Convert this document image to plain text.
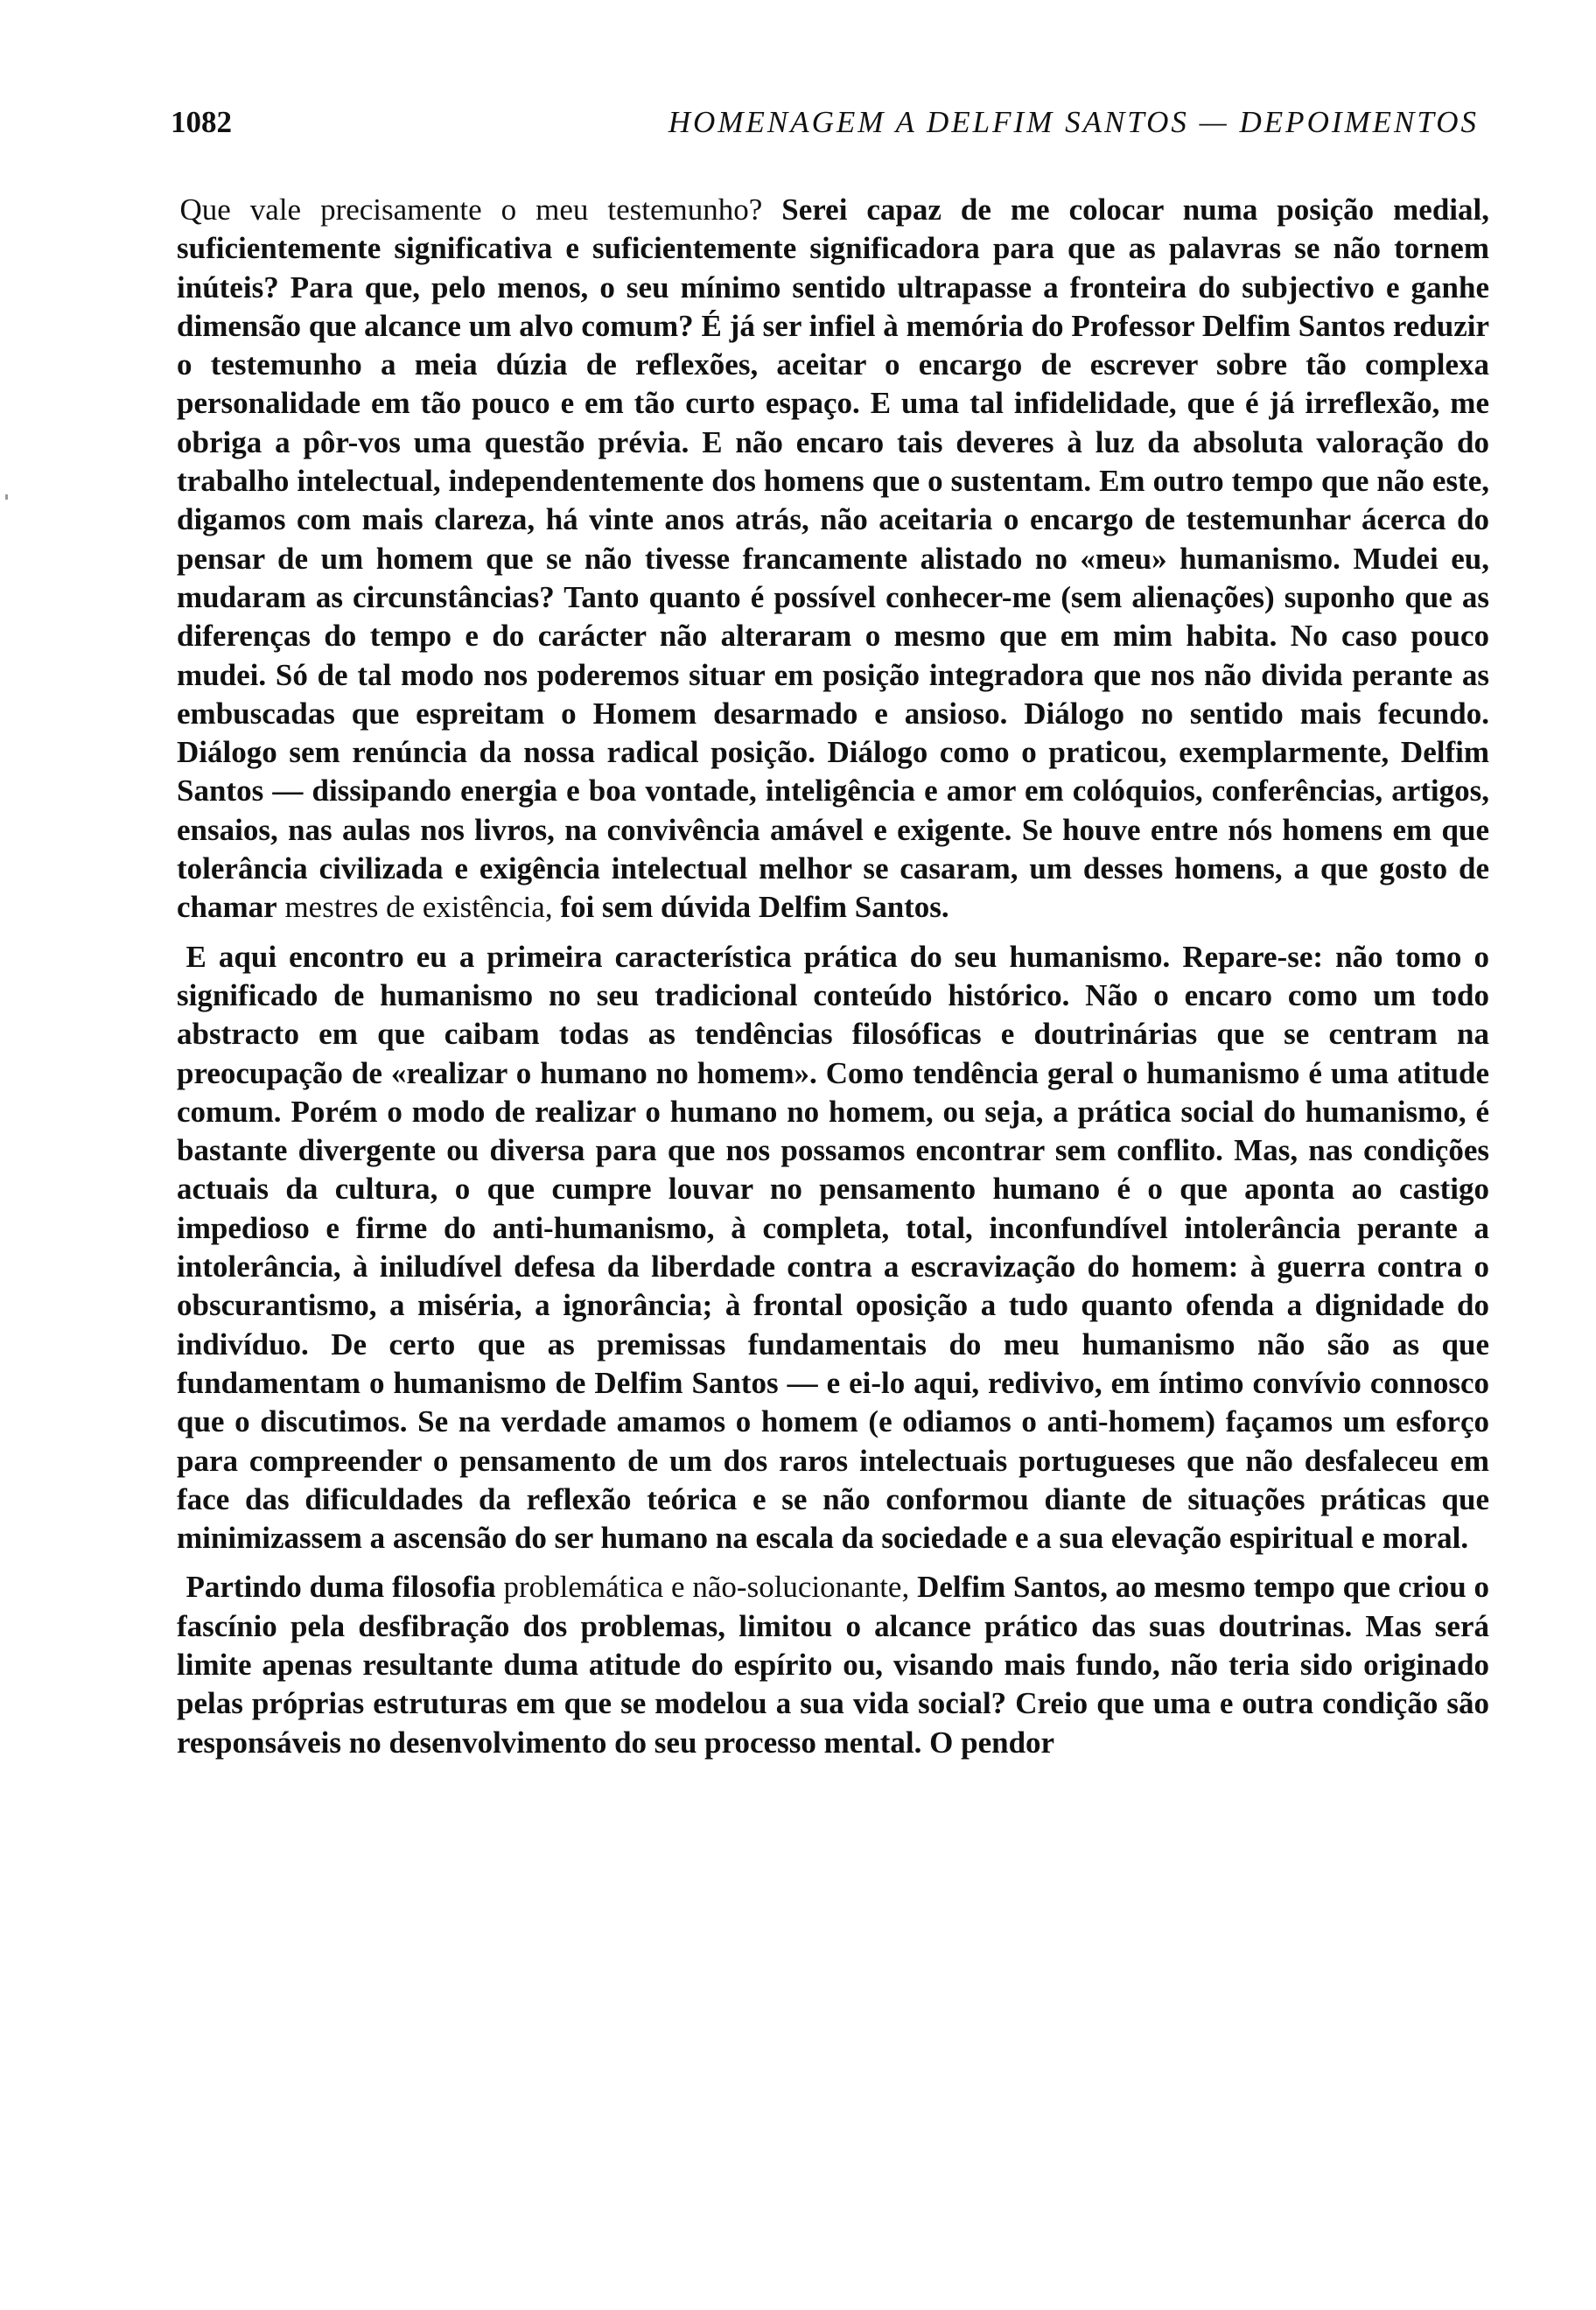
1082	HOMENAGEM A DELFIM SANTOS — DEPOIMENTOS

Que vale precisamente o meu testemunho? Serei capaz de me colocar numa posição medial, suficientemente significativa e suficientemente significadora para que as palavras se não tornem inúteis? Para que, pelo menos, o seu mínimo sentido ultrapasse a fronteira do subjectivo e ganhe dimensão que alcance um alvo comum? É já ser infiel à memória do Professor Delfim Santos reduzir o testemunho a meia dúzia de reflexões, aceitar o encargo de escrever sobre tão complexa personalidade em tão pouco e em tão curto espaço. E uma tal infidelidade, que é já irreflexão, me obriga a pôr-vos uma questão prévia. E não encaro tais deveres à luz da absoluta valoração do trabalho intelectual, independentemente dos homens que o sustentam. Em outro tempo que não este, digamos com mais clareza, há vinte anos atrás, não aceitaria o encargo de testemunhar ácerca do pensar de um homem que se não tivesse francamente alistado no «meu» humanismo. Mudei eu, mudaram as circunstâncias? Tanto quanto é possível conhecer-me (sem alienações) suponho que as diferenças do tempo e do carácter não alteraram o mesmo que em mim habita. No caso pouco mudei. Só de tal modo nos poderemos situar em posição integradora que nos não divida perante as embuscadas que espreitam o Homem desarmado e ansioso. Diálogo no sentido mais fecundo. Diálogo sem renúncia da nossa radical posição. Diálogo como o praticou, exemplarmente, Delfim Santos — dissipando energia e boa vontade, inteligência e amor em colóquios, conferências, artigos, ensaios, nas aulas nos livros, na convivência amável e exigente. Se houve entre nós homens em que tolerância civilizada e exigência intelectual melhor se casaram, um desses homens, a que gosto de chamar mestres de existência, foi sem dúvida Delfim Santos.

E aqui encontro eu a primeira característica prática do seu humanismo. Repare-se: não tomo o significado de humanismo no seu tradicional conteúdo histórico. Não o encaro como um todo abstracto em que caibam todas as tendências filosóficas e doutrinárias que se centram na preocupação de «realizar o humano no homem». Como tendência geral o humanismo é uma atitude comum. Porém o modo de realizar o humano no homem, ou seja, a prática social do humanismo, é bastante divergente ou diversa para que nos possamos encontrar sem conflito. Mas, nas condições actuais da cultura, o que cumpre louvar no pensamento humano é o que aponta ao castigo impedioso e firme do anti-humanismo, à completa, total, inconfundível intolerância perante a intolerância, à iniludível defesa da liberdade contra a escravização do homem: à guerra contra o obscurantismo, a miséria, a ignorância; à frontal oposição a tudo quanto ofenda a dignidade do indivíduo. De certo que as premissas fundamentais do meu humanismo não são as que fundamentam o humanismo de Delfim Santos — e ei-lo aqui, redivivo, em íntimo convívio connosco que o discutimos. Se na verdade amamos o homem (e odiamos o anti-homem) façamos um esforço para compreender o pensamento de um dos raros intelectuais portugueses que não desfaleceu em face das dificuldades da reflexão teórica e se não conformou diante de situações práticas que minimizassem a ascensão do ser humano na escala da sociedade e a sua elevação espiritual e moral.

Partindo duma filosofia problemática e não-solucionante, Delfim Santos, ao mesmo tempo que criou o fascínio pela desfibração dos problemas, limitou o alcance prático das suas doutrinas. Mas será limite apenas resultante duma atitude do espírito ou, visando mais fundo, não teria sido originado pelas próprias estruturas em que se modelou a sua vida social? Creio que uma e outra condição são responsáveis no desenvolvimento do seu processo mental. O pendor
